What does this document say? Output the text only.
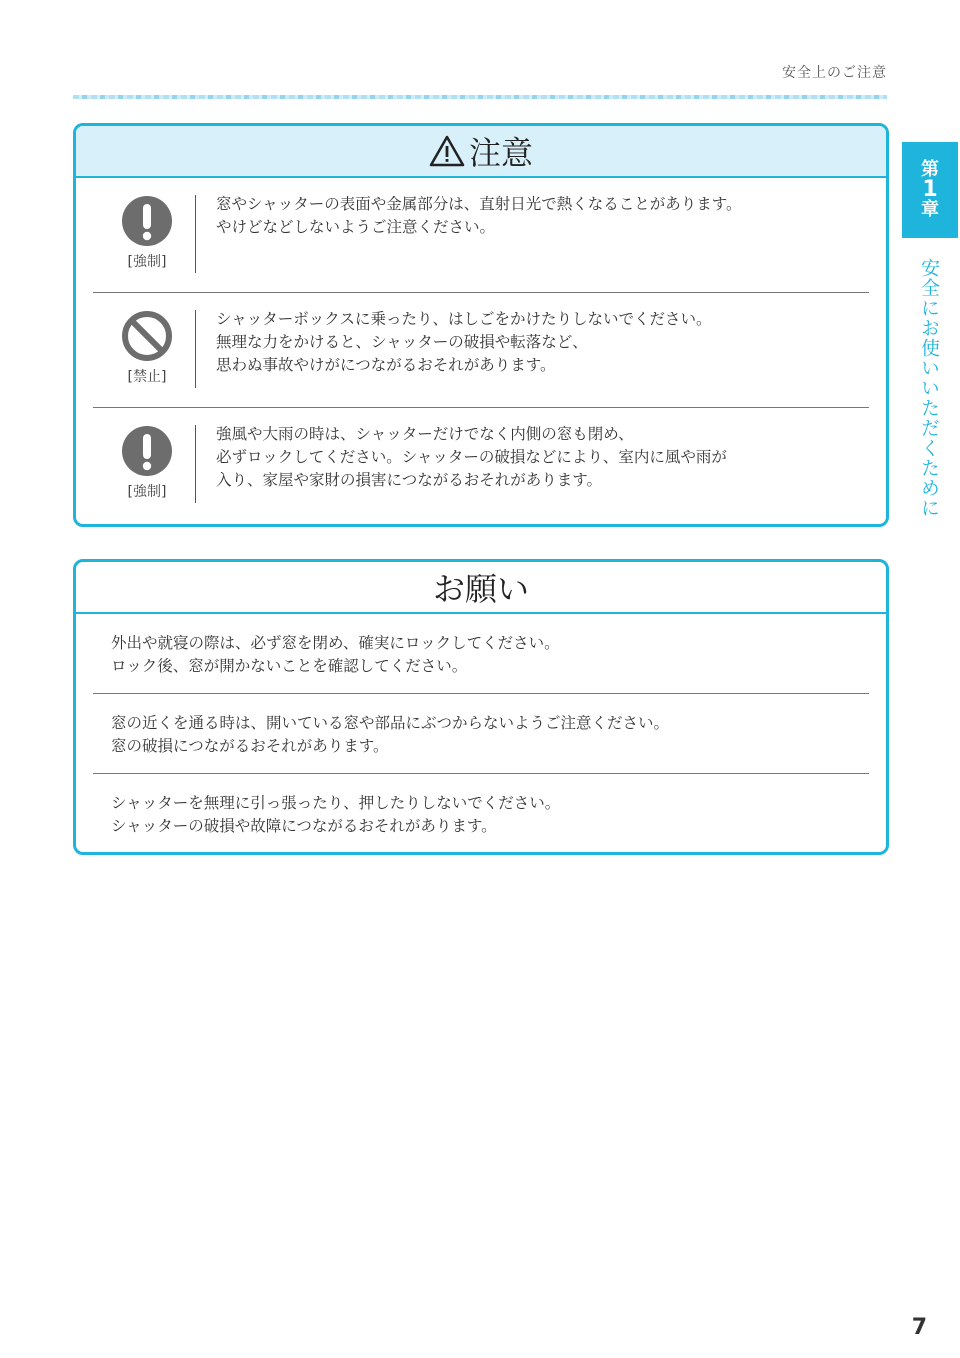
安全上のご注意
注意
[強制]
窓やシャッターの表面や金属部分は、直射日光で熱くなることがあります。
やけどなどしないようご注意ください。
[禁止]
シャッターボックスに乗ったり、はしごをかけたりしないでください。
無理な力をかけると、シャッターの破損や転落など、
思わぬ事故やけがにつながるおそれがあります。
[強制]
強風や大雨の時は、シャッターだけでなく内側の窓も閉め、
必ずロックしてください。シャッターの破損などにより、室内に風や雨が
入り、家屋や家財の損害につながるおそれがあります。
お願い
外出や就寝の際は、必ず窓を閉め、確実にロックしてください。
ロック後、窓が開かないことを確認してください。
窓の近くを通る時は、開いている窓や部品にぶつからないようご注意ください。
窓の破損につながるおそれがあります。
シャッターを無理に引っ張ったり、押したりしないでください。
シャッターの破損や故障につながるおそれがあります。
第
1
章
安全にお使いいただくために
7
